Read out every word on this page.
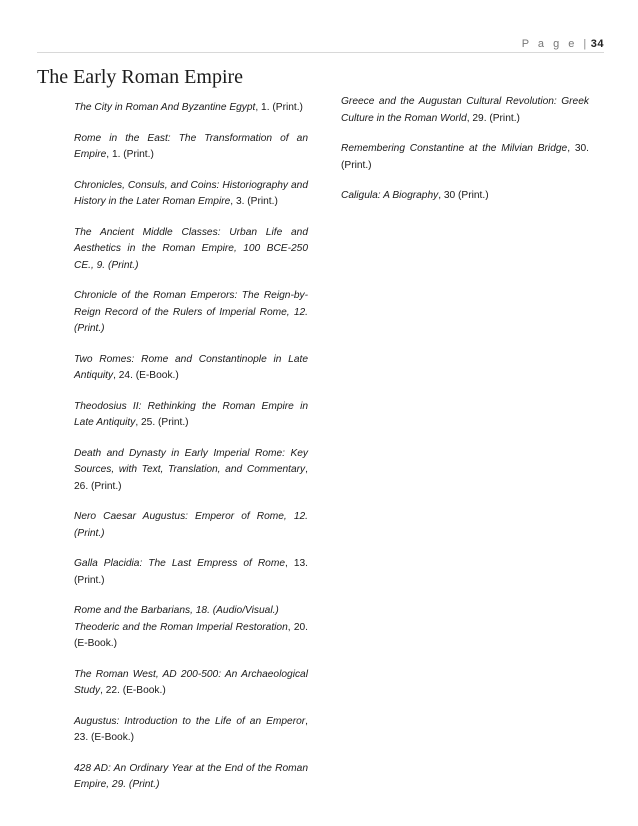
P a g e | 34
The Early Roman Empire

The City in Roman And Byzantine Egypt, 1. (Print.)

Rome in the East: The Transformation of an Empire, 1. (Print.)

Chronicles, Consuls, and Coins: Historiography and History in the Later Roman Empire, 3. (Print.)

The Ancient Middle Classes: Urban Life and Aesthetics in the Roman Empire, 100 BCE-250 CE., 9. (Print.)

Chronicle of the Roman Emperors: The Reign-by-Reign Record of the Rulers of Imperial Rome, 12. (Print.)

Two Romes: Rome and Constantinople in Late Antiquity, 24. (E-Book.)

Theodosius II: Rethinking the Roman Empire in Late Antiquity, 25. (Print.)

Death and Dynasty in Early Imperial Rome: Key Sources, with Text, Translation, and Commentary, 26. (Print.)

Nero Caesar Augustus: Emperor of Rome, 12. (Print.)

Galla Placidia: The Last Empress of Rome, 13. (Print.)

Rome and the Barbarians, 18. (Audio/Visual.)

Theoderic and the Roman Imperial Restoration, 20. (E-Book.)

The Roman West, AD 200-500: An Archaeological Study, 22. (E-Book.)

Augustus: Introduction to the Life of an Emperor, 23. (E-Book.)

428 AD: An Ordinary Year at the End of the Roman Empire, 29. (Print.)

Greece and the Augustan Cultural Revolution: Greek Culture in the Roman World, 29. (Print.)

Remembering Constantine at the Milvian Bridge, 30. (Print.)

Caligula: A Biography, 30 (Print.)
